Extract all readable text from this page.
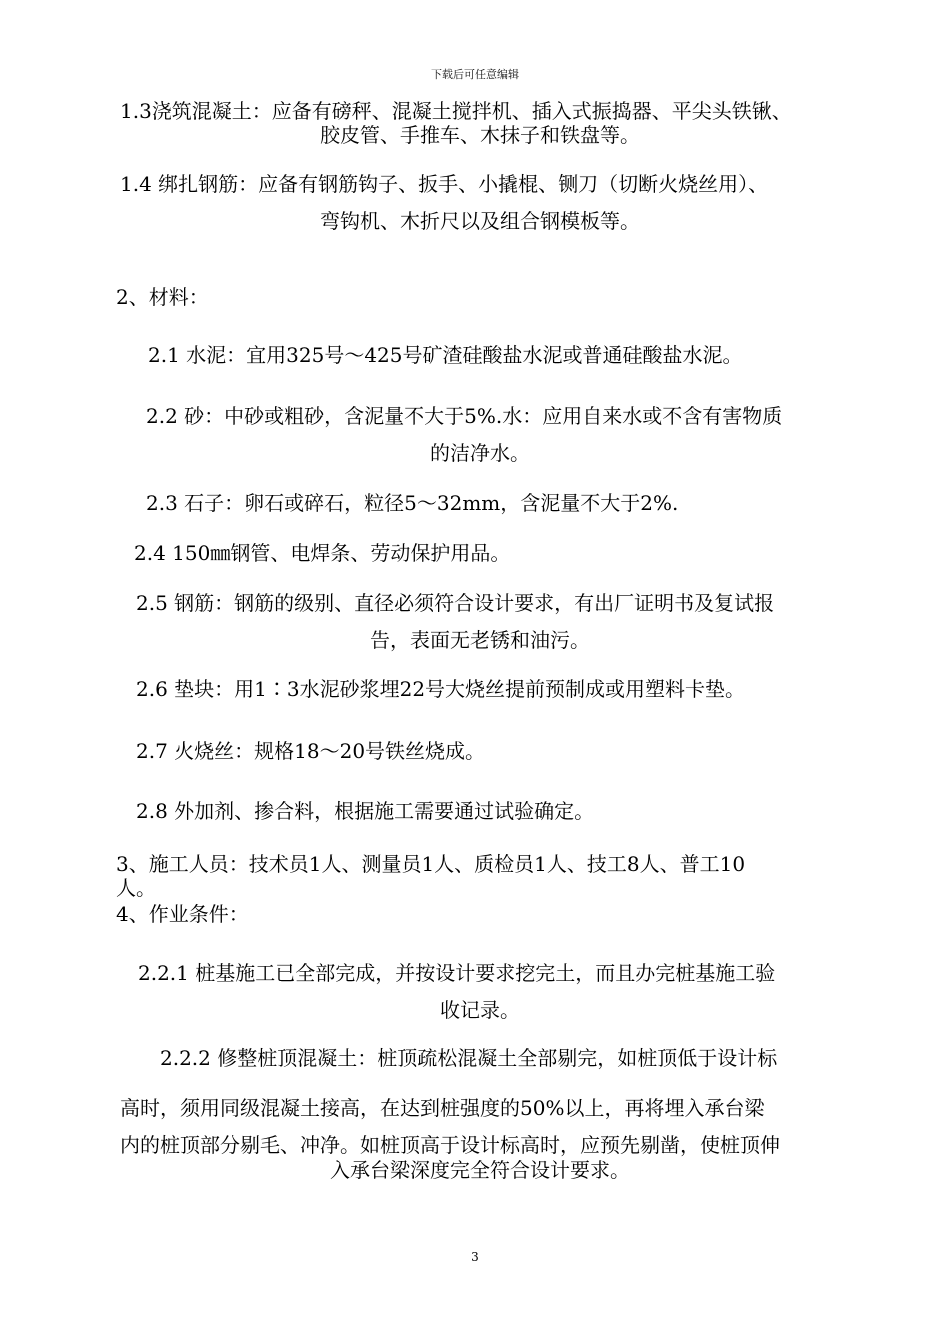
下载后可任意编辑
1.3浇筑混凝土：应备有磅秤、混凝土搅拌机、插入式振捣器、平尖头铁锹、
胶皮管、手推车、木抹子和铁盘等。
1.4 绑扎钢筋：应备有钢筋钩子、扳手、小撬棍、铡刀（切断火烧丝用）、
弯钩机、木折尺以及组合钢模板等。
2、材料：
2.1 水泥：宜用325号～425号矿渣硅酸盐水泥或普通硅酸盐水泥。
2.2 砂：中砂或粗砂，含泥量不大于5%.水：应用自来水或不含有害物质
的洁净水。
2.3 石子：卵石或碎石，粒径5～32mm，含泥量不大于2%.
2.4 150㎜钢管、电焊条、劳动保护用品。
2.5 钢筋：钢筋的级别、直径必须符合设计要求，有出厂证明书及复试报
告，表面无老锈和油污。
2.6 垫块：用1∶3水泥砂浆埋22号大烧丝提前预制成或用塑料卡垫。
2.7 火烧丝：规格18～20号铁丝烧成。
2.8 外加剂、掺合料，根据施工需要通过试验确定。
3、施工人员：技术员1人、测量员1人、质检员1人、技工8人、普工10
人。
4、作业条件：
2.2.1 桩基施工已全部完成，并按设计要求挖完土，而且办完桩基施工验
收记录。
2.2.2 修整桩顶混凝土：桩顶疏松混凝土全部剔完，如桩顶低于设计标
高时，须用同级混凝土接高，在达到桩强度的50%以上，再将埋入承台梁
内的桩顶部分剔毛、冲净。如桩顶高于设计标高时，应预先剔凿，使桩顶伸
入承台梁深度完全符合设计要求。
3
